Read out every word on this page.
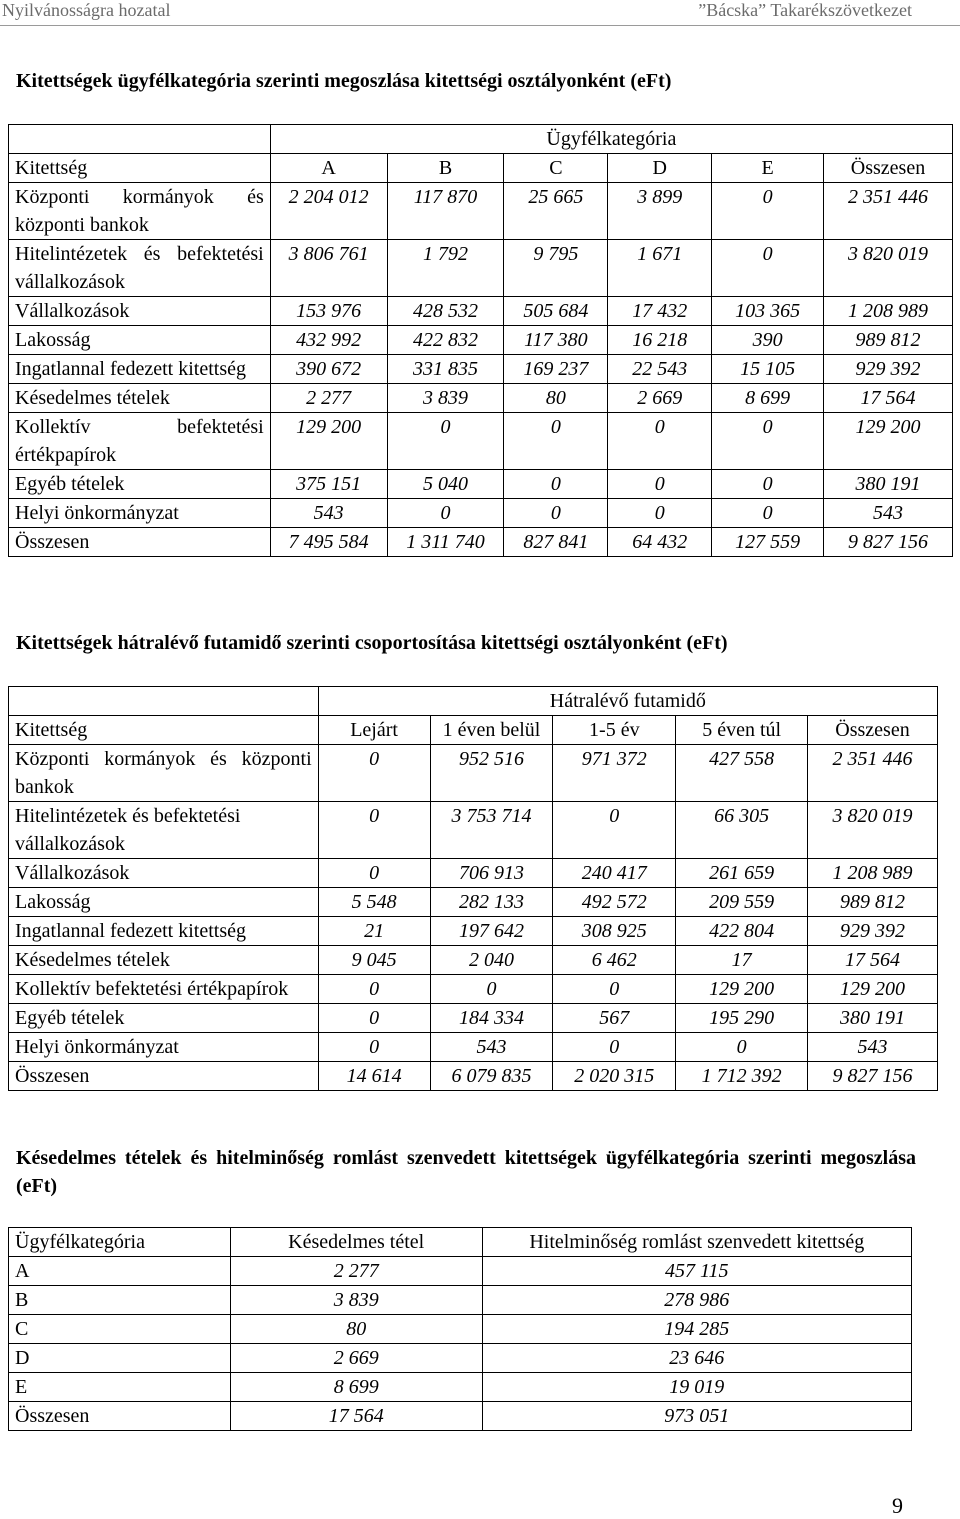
Nyilvánosságra hozatal	”Bácska” Takarékszövetkezet
Kitettségek ügyfélkategória szerinti megoszlása kitettségi osztályonként (eFt)
	Ügyfélkategória					
Kitettség	A	B	C	D	E	Összesen
Központi kormányok és központi bankok	2 204 012	117 870	25 665	3 899	0	2 351 446
Hitelintézetek és befektetési vállalkozások	3 806 761	1 792	9 795	1 671	0	3 820 019
Vállalkozások	153 976	428 532	505 684	17 432	103 365	1 208 989
Lakosság	432 992	422 832	117 380	16 218	390	989 812
Ingatlannal fedezett kitettség	390 672	331 835	169 237	22 543	15 105	929 392
Késedelmes tételek	2 277	3 839	80	2 669	8 699	17 564
Kollektív befektetési értékpapírok	129 200	0	0	0	0	129 200
Egyéb tételek	375 151	5 040	0	0	0	380 191
Helyi önkormányzat	543	0	0	0	0	543
Összesen	7 495 584	1 311 740	827 841	64 432	127 559	9 827 156
Kitettségek hátralévő futamidő szerinti csoportosítása kitettségi osztályonként (eFt)
	Hátralévő futamidő				
Kitettség	Lejárt	1 éven belül	1-5 év	5 éven túl	Összesen
Központi kormányok és központi bankok	0	952 516	971 372	427 558	2 351 446
Hitelintézetek és befektetési vállalkozások	0	3 753 714	0	66 305	3 820 019
Vállalkozások	0	706 913	240 417	261 659	1 208 989
Lakosság	5 548	282 133	492 572	209 559	989 812
Ingatlannal fedezett kitettség	21	197 642	308 925	422 804	929 392
Késedelmes tételek	9 045	2 040	6 462	17	17 564
Kollektív befektetési értékpapírok	0	0	0	129 200	129 200
Egyéb tételek	0	184 334	567	195 290	380 191
Helyi önkormányzat	0	543	0	0	543
Összesen	14 614	6 079 835	2 020 315	1 712 392	9 827 156
Késedelmes tételek és hitelminőség romlást szenvedett kitettségek ügyfélkategória szerinti megoszlása (eFt)
Ügyfélkategória	Késedelmes tétel	Hitelminőség romlást szenvedett kitettség
A	2 277	457 115
B	3 839	278 986
C	80	194 285
D	2 669	23 646
E	8 699	19 019
Összesen	17 564	973 051
9
